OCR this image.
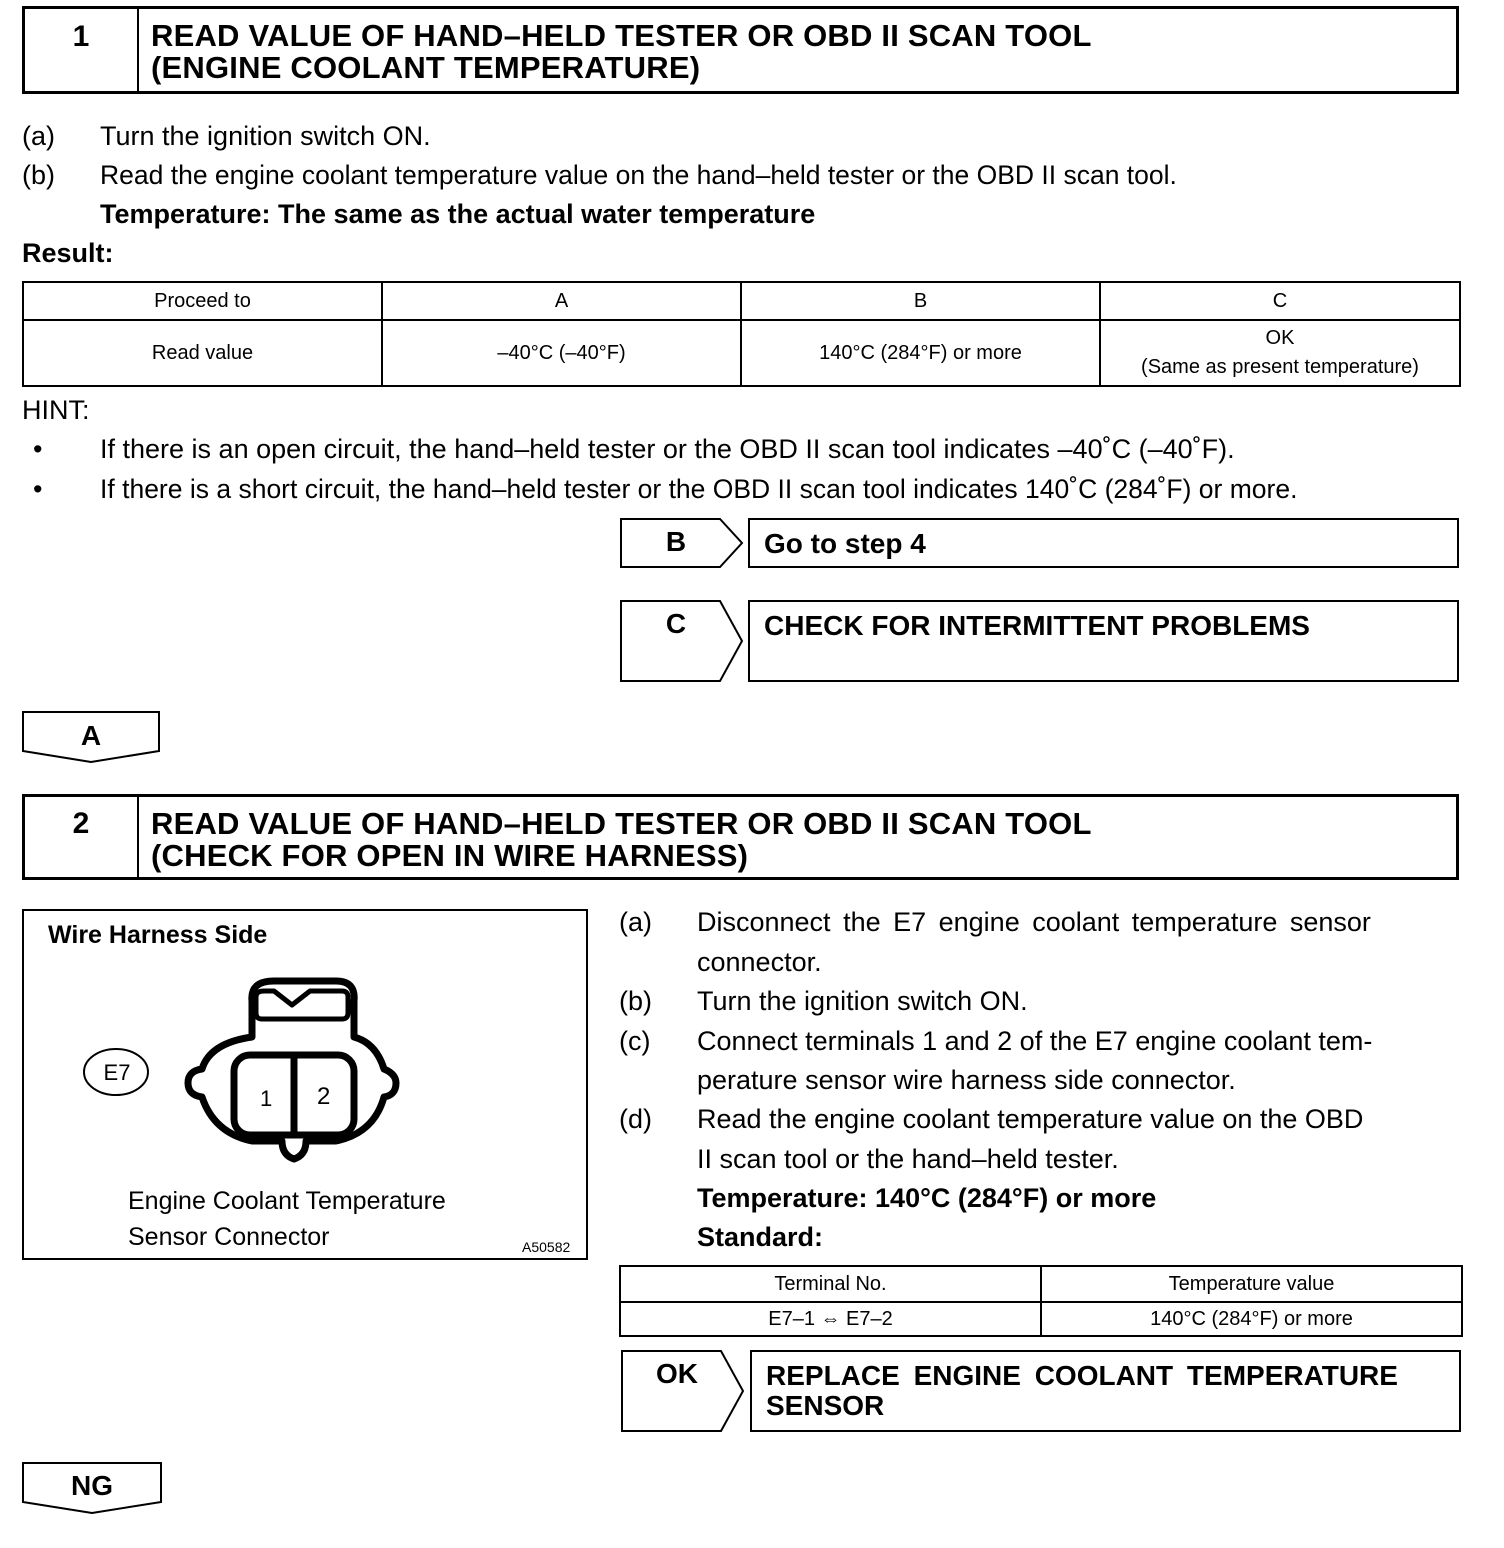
1	READ VALUE OF HAND–HELD TESTER OR OBD II SCAN TOOL
(ENGINE COOLANT TEMPERATURE)
(a) Turn the ignition switch ON.
(b) Read the engine coolant temperature value on the hand–held tester or the OBD II scan tool.
Temperature: The same as the actual water temperature
Result:
Proceed to	A	B	C
Read value	–40°C (–40°F)	140°C (284°F) or more	OK
(Same as present temperature)
HINT:
• If there is an open circuit, the hand–held tester or the OBD II scan tool indicates –40˚C (–40˚F).
• If there is a short circuit, the hand–held tester or the OBD II scan tool indicates 140˚C (284˚F) or more.
B	Go to step 4
C	CHECK FOR INTERMITTENT PROBLEMS
A
2	READ VALUE OF HAND–HELD TESTER OR OBD II SCAN TOOL
(CHECK FOR OPEN IN WIRE HARNESS)
Wire Harness Side
E7
1 2
Engine Coolant Temperature
Sensor Connector	A50582
(a) Disconnect the E7 engine coolant temperature sensor
connector.
(b) Turn the ignition switch ON.
(c) Connect terminals 1 and 2 of the E7 engine coolant tem-
perature sensor wire harness side connector.
(d) Read the engine coolant temperature value on the OBD
II scan tool or the hand–held tester.
Temperature: 140°C (284°F) or more
Standard:
Terminal No.	Temperature value
E7–1 ⇔ E7–2	140°C (284°F) or more
OK	REPLACE ENGINE COOLANT TEMPERATURE
SENSOR
NG
